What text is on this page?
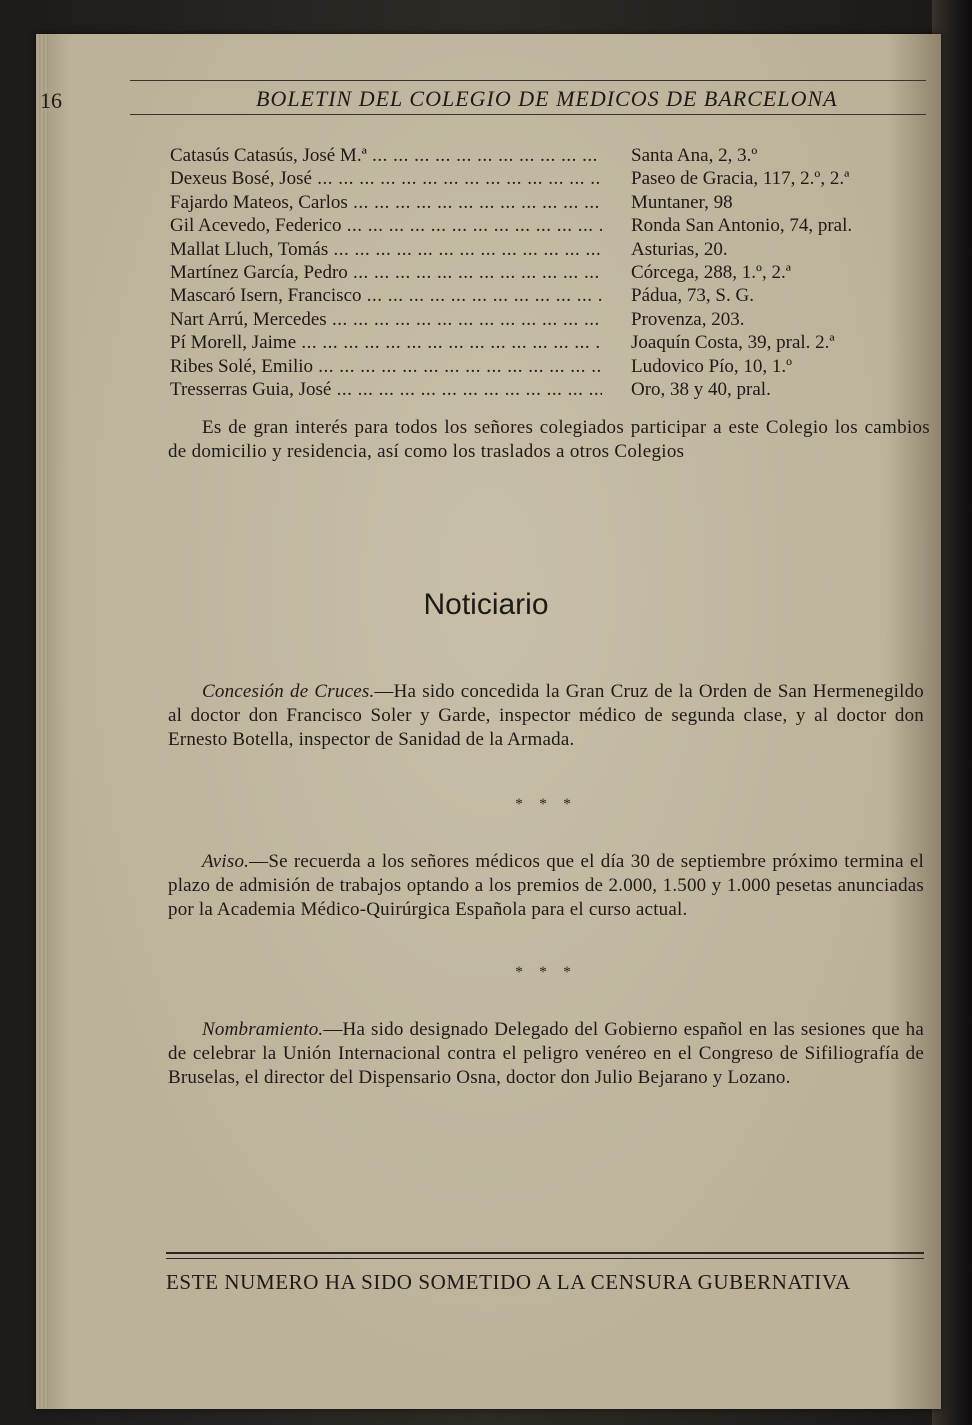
16	BOLETIN DEL COLEGIO DE MEDICOS DE BARCELONA
Catasús Catasús, José M.ª ... .	Santa Ana, 2, 3.º
Dexeus Bosé, José ... .	Paseo de Gracia, 117, 2.º, 2.ª
Fajardo Mateos, Carlos ... .	Muntaner, 98
Gil Acevedo, Federico ... .	Ronda San Antonio, 74, pral.
Mallat Lluch, Tomás ... .	Asturias, 20.
Martínez García, Pedro ... .	Córcega, 288, 1.º, 2.ª
Mascaró Isern, Francisco ... .	Pádua, 73, S. G.
Nart Arrú, Mercedes ... .	Provenza, 203.
Pí Morell, Jaime ... .	Joaquín Costa, 39, pral. 2.ª
Ribes Solé, Emilio ... .	Ludovico Pío, 10, 1.º
Tresserras Guia, José ... .	Oro, 38 y 40, pral.
Es de gran interés para todos los señores colegiados participar a este Colegio los cambios de domicilio y residencia, así como los traslados a otros Colegios
Noticiario
Concesión de Cruces.—Ha sido concedida la Gran Cruz de la Orden de San Hermenegildo al doctor don Francisco Soler y Garde, inspector médico de segunda clase, y al doctor don Ernesto Botella, inspector de Sanidad de la Armada.
* * *
Aviso.—Se recuerda a los señores médicos que el día 30 de septiembre próximo termina el plazo de admisión de trabajos optando a los premios de 2.000, 1.500 y 1.000 pesetas anunciadas por la Academia Médico-Quirúrgica Española para el curso actual.
* * *
Nombramiento.—Ha sido designado Delegado del Gobierno español en las sesiones que ha de celebrar la Unión Internacional contra el peligro venéreo en el Congreso de Sifiliografía de Bruselas, el director del Dispensario Osna, doctor don Julio Bejarano y Lozano.
ESTE NUMERO HA SIDO SOMETIDO A LA CENSURA GUBERNATIVA
